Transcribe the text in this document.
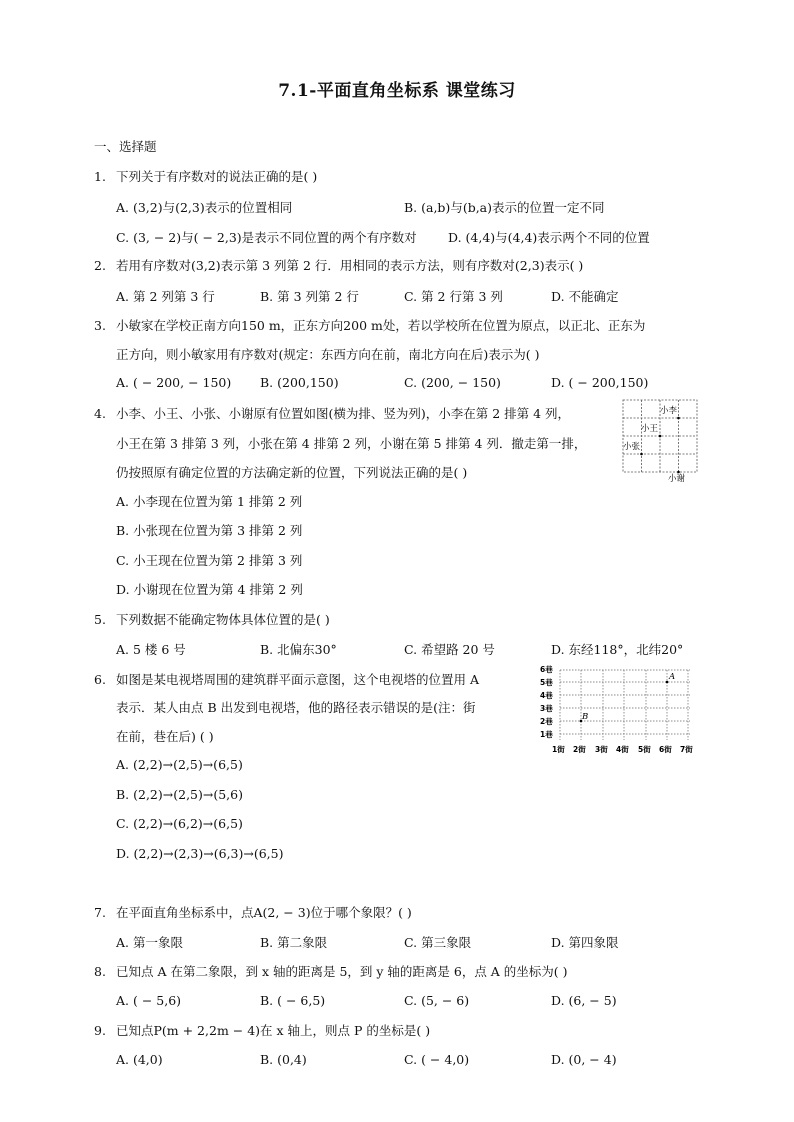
7.1-平面直角坐标系 课堂练习
一、选择题
1. 下列关于有序数对的说法正确的是( )
A. (3,2)与(2,3)表示的位置相同	B. (a,b)与(b,a)表示的位置一定不同
C. (3, − 2)与( − 2,3)是表示不同位置的两个有序数对	D. (4,4)与(4,4)表示两个不同的位置
2. 若用有序数对(3,2)表示第 3 列第 2 行．用相同的表示方法，则有序数对(2,3)表示( )
A. 第 2 列第 3 行	B. 第 3 列第 2 行	C. 第 2 行第 3 列	D. 不能确定
3. 小敏家在学校正南方向150 m，正东方向200 m处，若以学校所在位置为原点，以正北、正东为
正方向，则小敏家用有序数对(规定：东西方向在前，南北方向在后)表示为( )
A. ( − 200, − 150) B. (200,150)	C. (200, − 150)	D. ( − 200,150)
4. 小李、小王、小张、小谢原有位置如图(横为排、竖为列)，小李在第 2 排第 4 列，
小王在第 3 排第 3 列，小张在第 4 排第 2 列，小谢在第 5 排第 4 列．撤走第一排，
仍按照原有确定位置的方法确定新的位置，下列说法正确的是( )
A. 小李现在位置为第 1 排第 2 列
B. 小张现在位置为第 3 排第 2 列
C. 小王现在位置为第 2 排第 3 列
D. 小谢现在位置为第 4 排第 2 列
小李
小王
小张
小谢
5. 下列数据不能确定物体具体位置的是( )
A. 5 楼 6 号	B. 北偏东30°	C. 希望路 20 号	D. 东经118°，北纬20°
6. 如图是某电视塔周围的建筑群平面示意图，这个电视塔的位置用 A
表示．某人由点 B 出发到电视塔，他的路径表示错误的是(注：街
在前，巷在后) ( )
A. (2,2)→(2,5)→(6,5)
B. (2,2)→(2,5)→(5,6)
C. (2,2)→(6,2)→(6,5)
D. (2,2)→(2,3)→(6,3)→(6,5)
A
B
6巷
5巷
4巷
3巷
2巷
1巷
1街 2街 3街 4街 5街 6街 7街
7. 在平面直角坐标系中，点A(2, − 3)位于哪个象限？( )
A. 第一象限	B. 第二象限	C. 第三象限	D. 第四象限
8. 已知点 A 在第二象限，到 x 轴的距离是 5，到 y 轴的距离是 6，点 A 的坐标为( )
A. ( − 5,6)	B. ( − 6,5)	C. (5, − 6)	D. (6, − 5)
9. 已知点P(m + 2,2m − 4)在 x 轴上，则点 P 的坐标是( )
A. (4,0)	B. (0,4)	C. ( − 4,0)	D. (0, − 4)
